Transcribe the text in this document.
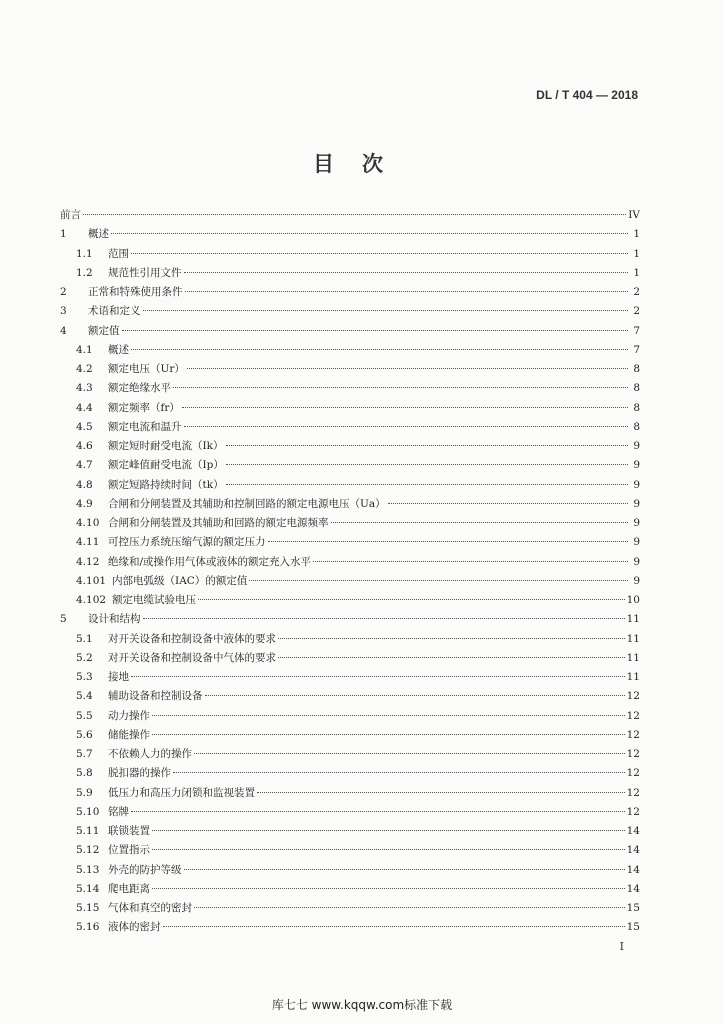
DL / T 404 — 2018
目次
前言	IV
1	概述	1
1.1	范围	1
1.2	规范性引用文件	1
2	正常和特殊使用条件	2
3	术语和定义	2
4	额定值	7
4.1	概述	7
4.2	额定电压（Ur）	8
4.3	额定绝缘水平	8
4.4	额定频率（fr）	8
4.5	额定电流和温升	8
4.6	额定短时耐受电流（Ik）	9
4.7	额定峰值耐受电流（Ip）	9
4.8	额定短路持续时间（tk）	9
4.9	合闸和分闸装置及其辅助和控制回路的额定电源电压（Ua）	9
4.10 合闸和分闸装置及其辅助和回路的额定电源频率	9
4.11 可控压力系统压缩气源的额定压力	9
4.12 绝缘和/或操作用气体或液体的额定充入水平	9
4.101 内部电弧级（IAC）的额定值	9
4.102 额定电缆试验电压	10
5	设计和结构	11
5.1	对开关设备和控制设备中液体的要求	11
5.2	对开关设备和控制设备中气体的要求	11
5.3	接地	11
5.4	辅助设备和控制设备	12
5.5	动力操作	12
5.6	储能操作	12
5.7	不依赖人力的操作	12
5.8	脱扣器的操作	12
5.9	低压力和高压力闭锁和监视装置	12
5.10 铭牌	12
5.11 联锁装置	14
5.12 位置指示	14
5.13 外壳的防护等级	14
5.14 爬电距离	14
5.15 气体和真空的密封	15
5.16 液体的密封	15
I
库七七 www.kqqw.com标准下载
